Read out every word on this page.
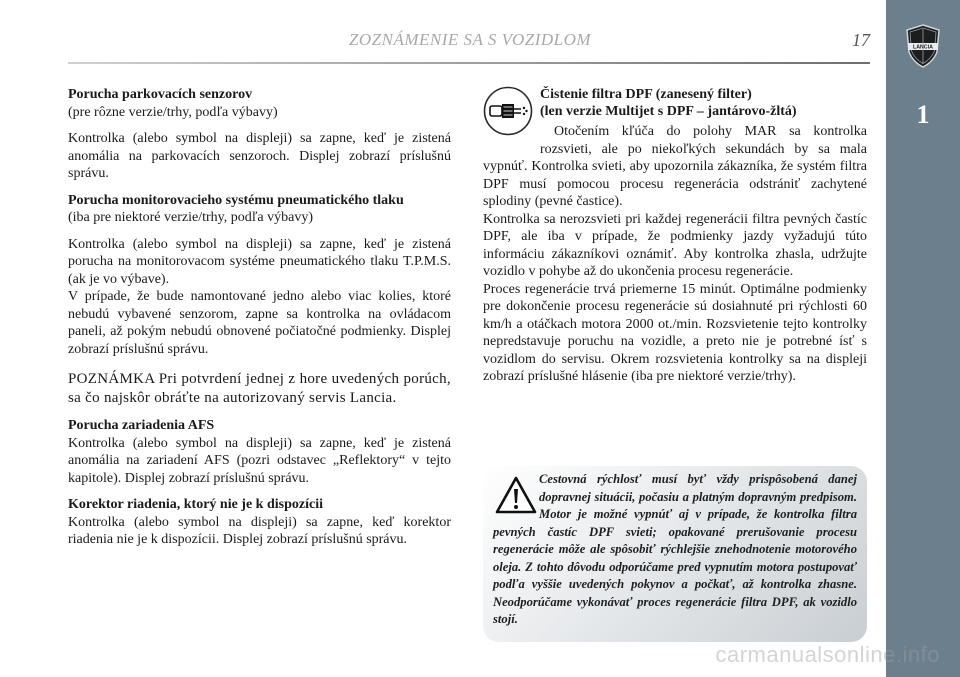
ZOZNÁMENIE SA S VOZIDLOM	17	LANCIA
1
Porucha parkovacích senzorov

(pre rôzne verzie/trhy, podľa výbavy)

Kontrolka (alebo symbol na displeji) sa zapne, keď je zistená anomália na parkovacích senzoroch. Displej zobrazí príslušnú správu.

Porucha monitorovacieho systému pneumatického tlaku

(iba pre niektoré verzie/trhy, podľa výbavy)

Kontrolka (alebo symbol na displeji) sa zapne, keď je zistená porucha na monitorovacom systéme pneumatického tlaku T.P.M.S. (ak je vo výbave).

V prípade, že bude namontované jedno alebo viac kolies, ktoré nebudú vybavené senzorom, zapne sa kontrolka na ovládacom paneli, až pokým nebudú obnovené počiatočné podmienky. Displej zobrazí príslušnú správu.

POZNÁMKA Pri potvrdení jednej z hore uvedených porúch, sa čo najskôr obráťte na autorizovaný servis Lancia.

Porucha zariadenia AFS

Kontrolka (alebo symbol na displeji) sa zapne, keď je zistená anomália na zariadení AFS (pozri odstavec „Reflektory“ v tejto kapitole). Displej zobrazí príslušnú správu.

Korektor riadenia, ktorý nie je k dispozícii

Kontrolka (alebo symbol na displeji) sa zapne, keď korektor riadenia nie je k dispozícii. Displej zobrazí príslušnú správu.

Čistenie filtra DPF (zanesený filter)
(len verzie Multijet s DPF – jantárovo-žltá)

Otočením kľúča do polohy MAR sa kontrolka rozsvieti, ale po niekoľkých sekundách by sa mala vypnúť. Kontrolka svieti, aby upozornila zákazníka, že systém filtra DPF musí pomocou procesu regenerácia odstrániť zachytené splodiny (pevné častice).

Kontrolka sa nerozsvieti pri každej regenerácii filtra pevných častíc DPF, ale iba v prípade, že podmienky jazdy vyžadujú túto informáciu zákazníkovi oznámiť. Aby kontrolka zhasla, udržujte vozidlo v pohybe až do ukončenia procesu regenerácie.

Proces regenerácie trvá priemerne 15 minút. Optimálne podmienky pre dokončenie procesu regenerácie sú dosiahnuté pri rýchlosti 60 km/h a otáčkach motora 2000 ot./min. Rozsvietenie tejto kontrolky nepredstavuje poruchu na vozidle, a preto nie je potrebné ísť s vozidlom do servisu. Okrem rozsvietenia kontrolky sa na displeji zobrazí príslušné hlásenie (iba pre niektoré verzie/trhy).

Cestovná rýchlosť musí byť vždy prispôsobená danej dopravnej situácii, počasiu a platným dopravným predpisom. Motor je možné vypnúť aj v prípade, že kontrolka filtra pevných častíc DPF svieti; opakované prerušovanie procesu regenerácie môže ale spôsobiť rýchlejšie znehodnotenie motorového oleja. Z tohto dôvodu odporúčame pred vypnutím motora postupovať podľa vyššie uvedených pokynov a počkať, až kontrolka zhasne. Neodporúčame vykonávať proces regenerácie filtra DPF, ak vozidlo stojí.
carmanualsonline.info
